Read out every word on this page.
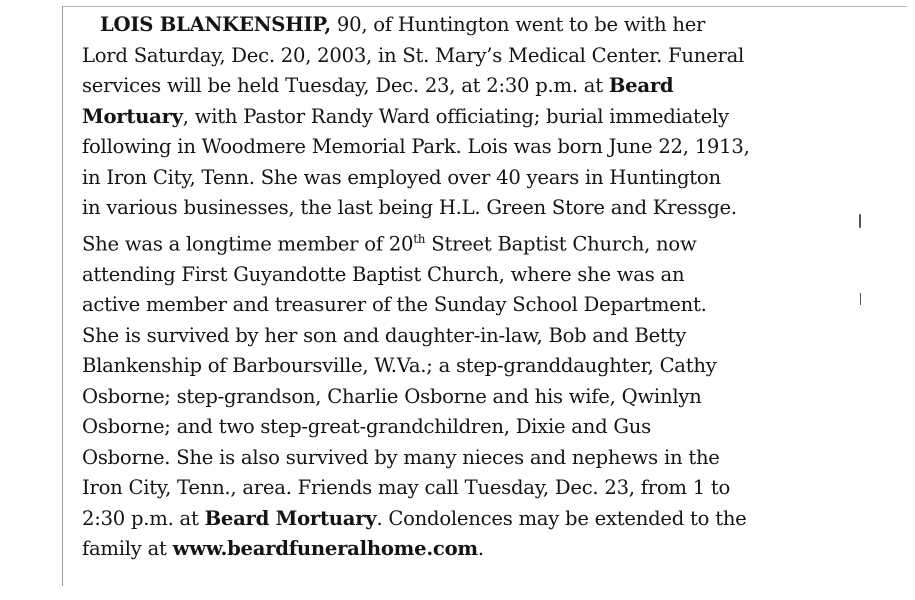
LOIS BLANKENSHIP, 90, of Huntington went to be with her
Lord Saturday, Dec. 20, 2003, in St. Mary’s Medical Center. Funeral
services will be held Tuesday, Dec. 23, at 2:30 p.m. at Beard
Mortuary, with Pastor Randy Ward officiating; burial immediately
following in Woodmere Memorial Park. Lois was born June 22, 1913,
in Iron City, Tenn. She was employed over 40 years in Huntington
in various businesses, the last being H.L. Green Store and Kressge.
She was a longtime member of 20th Street Baptist Church, now
attending First Guyandotte Baptist Church, where she was an
active member and treasurer of the Sunday School Department.
She is survived by her son and daughter-in-law, Bob and Betty
Blankenship of Barboursville, W.Va.; a step-granddaughter, Cathy
Osborne; step-grandson, Charlie Osborne and his wife, Qwinlyn
Osborne; and two step-great-grandchildren, Dixie and Gus
Osborne. She is also survived by many nieces and nephews in the
Iron City, Tenn., area. Friends may call Tuesday, Dec. 23, from 1 to
2:30 p.m. at Beard Mortuary. Condolences may be extended to the
family at www.beardfuneralhome.com.
